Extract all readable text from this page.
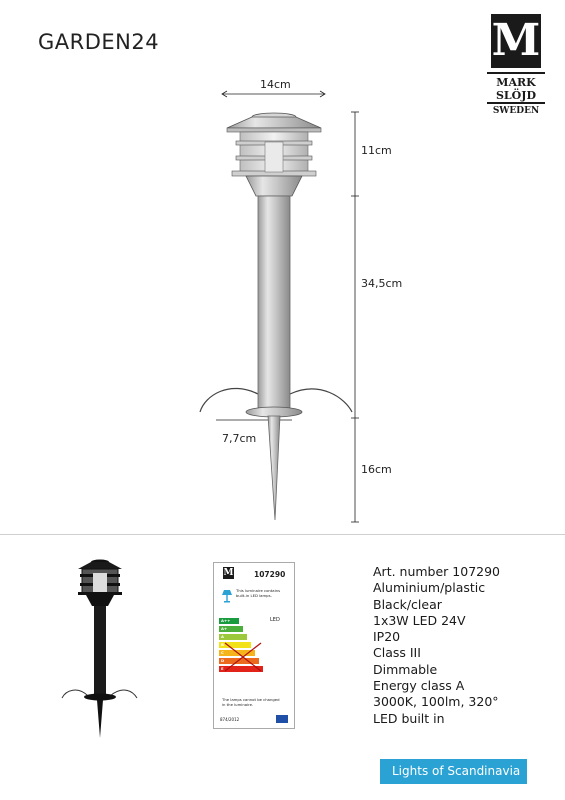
GARDEN24	M
MARK
SLÖJD
SWEDEN
14cm
11cm
34,5cm
7,7cm
16cm
M	107290
This luminaire contains built-in LED lamps.
A++
A+
A
B
C
D
E
LED
The lamps cannot be changed in the luminaire.
874/2012
Art. number 107290
Aluminium/plastic
Black/clear
1x3W LED 24V
IP20
Class III
Dimmable
Energy class A
3000K, 100lm, 320°
LED built in
Lights of Scandinavia
